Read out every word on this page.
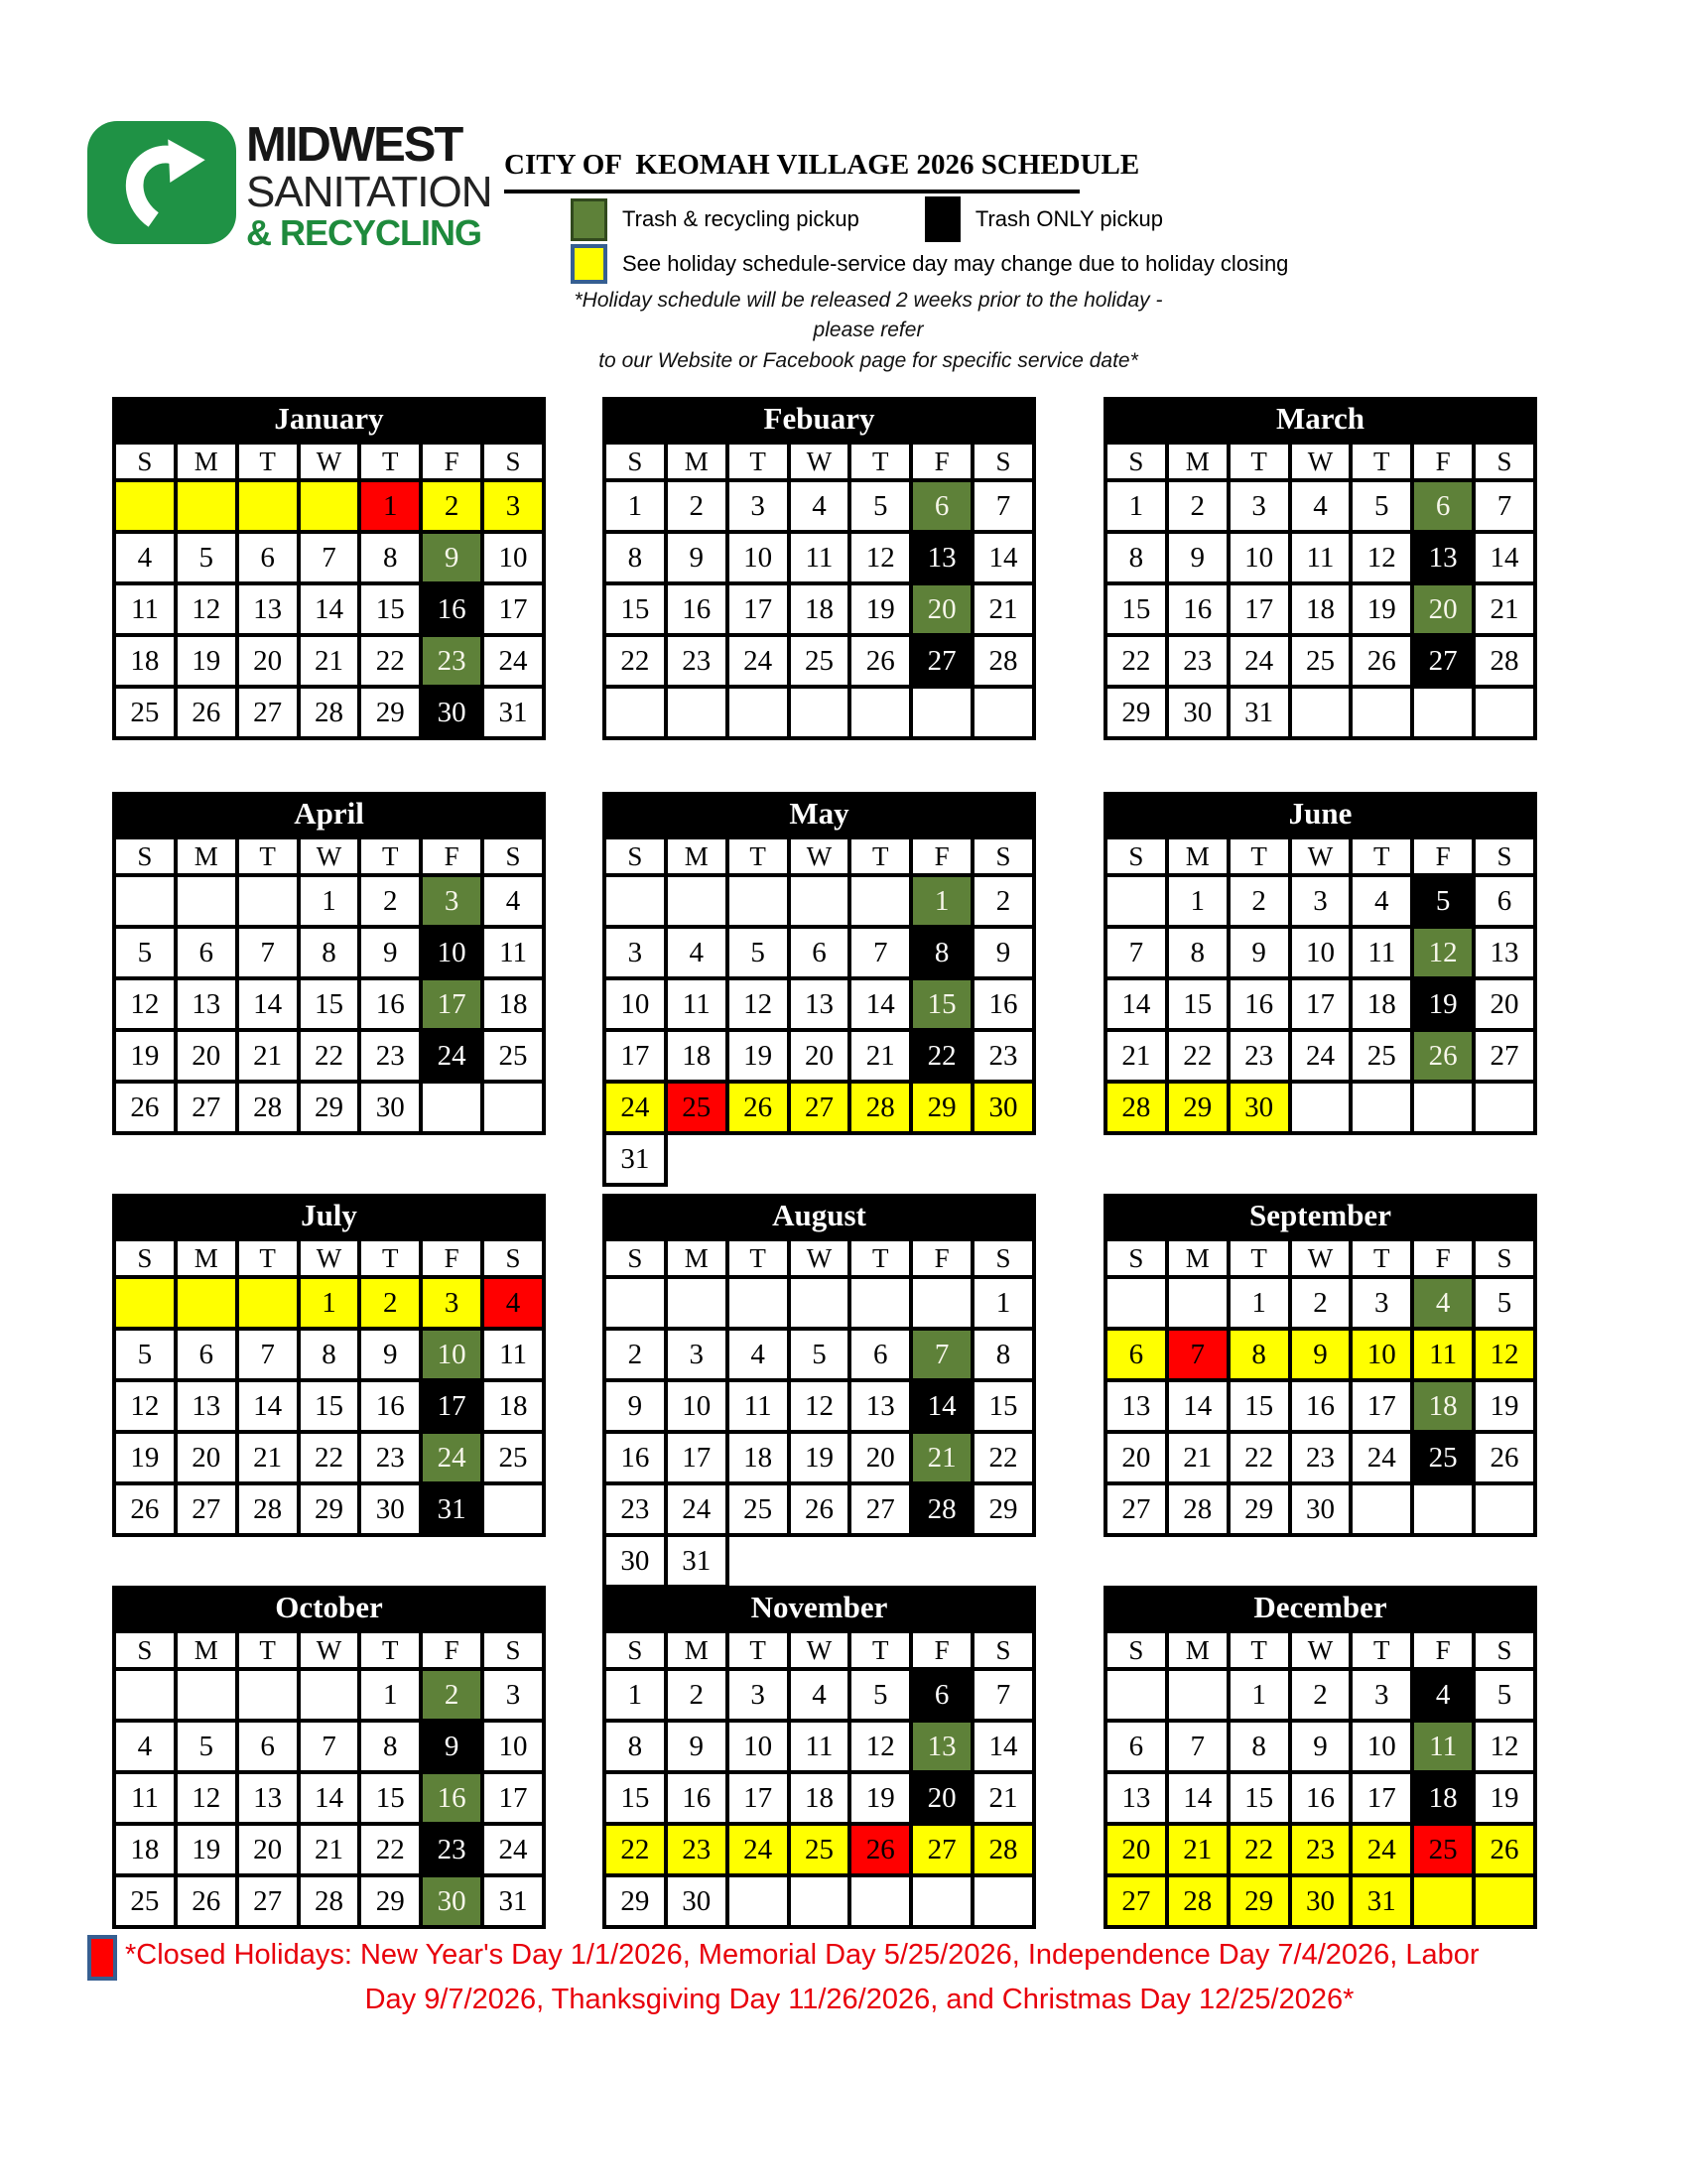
MIDWEST
SANITATION
& RECYCLING
CITY OF  KEOMAH VILLAGE 2026 SCHEDULE
Trash & recycling pickup	Trash ONLY pickup
See holiday schedule-service day may change due to holiday closing
*Holiday schedule will be released 2 weeks prior to the holiday - please refer
to our Website or Facebook page for specific service date*
January
S	M	T	W	T	F	S
				1	2	3
4	5	6	7	8	9	10
11	12	13	14	15	16	17
18	19	20	21	22	23	24
25	26	27	28	29	30	31
Febuary
S	M	T	W	T	F	S
1	2	3	4	5	6	7
8	9	10	11	12	13	14
15	16	17	18	19	20	21
22	23	24	25	26	27	28

March
S	M	T	W	T	F	S
1	2	3	4	5	6	7
8	9	10	11	12	13	14
15	16	17	18	19	20	21
22	23	24	25	26	27	28
29	30	31				
April
S	M	T	W	T	F	S
			1	2	3	4
5	6	7	8	9	10	11
12	13	14	15	16	17	18
19	20	21	22	23	24	25
26	27	28	29	30		
May
S	M	T	W	T	F	S
					1	2
3	4	5	6	7	8	9
10	11	12	13	14	15	16
17	18	19	20	21	22	23
24	25	26	27	28	29	30
31						
June
S	M	T	W	T	F	S
	1	2	3	4	5	6
7	8	9	10	11	12	13
14	15	16	17	18	19	20
21	22	23	24	25	26	27
28	29	30				
July
S	M	T	W	T	F	S
			1	2	3	4
5	6	7	8	9	10	11
12	13	14	15	16	17	18
19	20	21	22	23	24	25
26	27	28	29	30	31	
August
S	M	T	W	T	F	S
						1
2	3	4	5	6	7	8
9	10	11	12	13	14	15
16	17	18	19	20	21	22
23	24	25	26	27	28	29
30	31					
September
S	M	T	W	T	F	S
		1	2	3	4	5
6	7	8	9	10	11	12
13	14	15	16	17	18	19
20	21	22	23	24	25	26
27	28	29	30			
October
S	M	T	W	T	F	S
				1	2	3
4	5	6	7	8	9	10
11	12	13	14	15	16	17
18	19	20	21	22	23	24
25	26	27	28	29	30	31
November
S	M	T	W	T	F	S
1	2	3	4	5	6	7
8	9	10	11	12	13	14
15	16	17	18	19	20	21
22	23	24	25	26	27	28
29	30					
December
S	M	T	W	T	F	S
		1	2	3	4	5
6	7	8	9	10	11	12
13	14	15	16	17	18	19
20	21	22	23	24	25	26
27	28	29	30	31		
*Closed Holidays: New Year's Day 1/1/2026, Memorial Day 5/25/2026, Independence Day 7/4/2026, Labor
Day 9/7/2026, Thanksgiving Day 11/26/2026, and Christmas Day 12/25/2026*
